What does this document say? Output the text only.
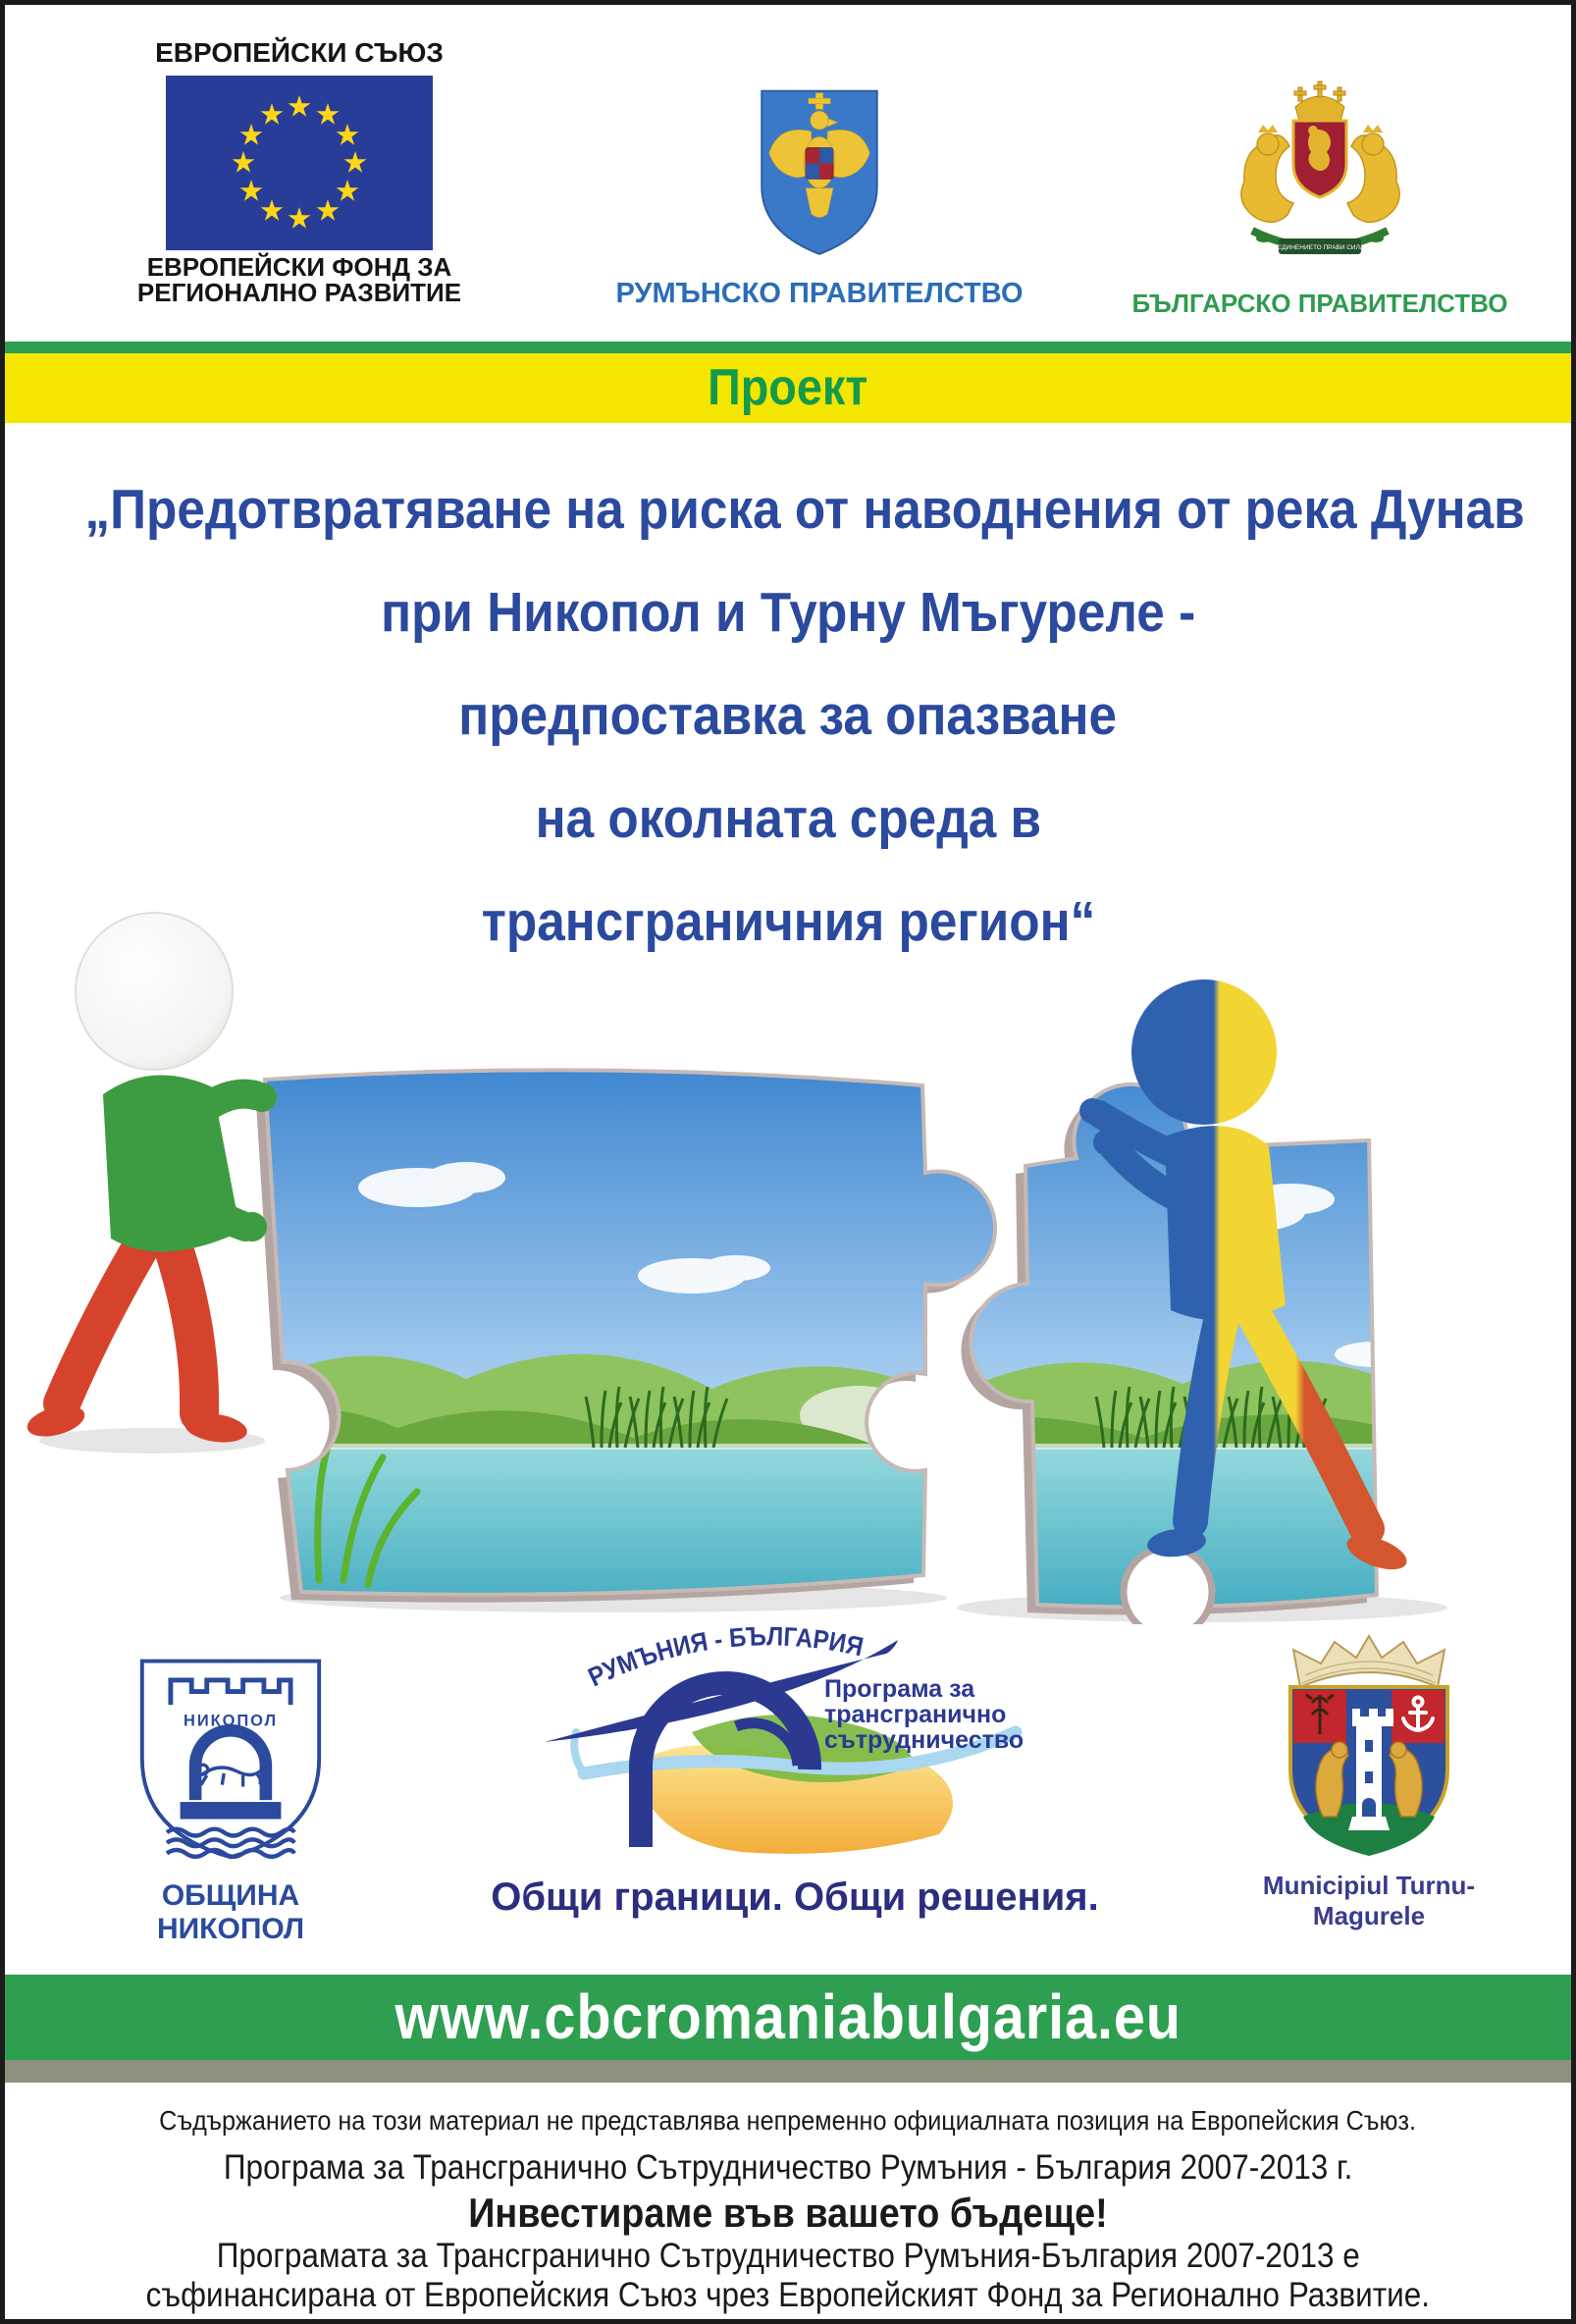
ЕВРОПЕЙСКИ СЪЮЗ
ЕВРОПЕЙСКИ ФОНД ЗА
РЕГИОНАЛНО РАЗВИТИЕ	РУМЪНСКО ПРАВИТЕЛСТВО
СЪЕДИНЕНИЕТО ПРАВИ СИЛАТА
БЪЛГАРСКО ПРАВИТЕЛСТВО
Проект
„Предотвратяване на риска от наводнения от река Дунав
при Никопол и Турну Мъгуреле -
предпоставка за опазване
на околната среда в
трансграничния регион“
НИКОПОЛ
ОБЩИНА НИКОПОЛ
РУМЪНИЯ - БЪЛГАРИЯ
Програма за
трансгранично
сътрудничество
Общи граници. Общи решения.	Municipiul Turnu-Magurele
www.cbcromaniabulgaria.eu
Съдържанието на този материал не представлява непременно официалната позиция на Европейския Съюз.
Програма за Трансгранично Сътрудничество Румъния - България 2007-2013 г.
Инвестираме във вашето бъдеще!
Програмата за Трансгранично Сътрудничество Румъния-България 2007-2013 е
съфинансирана от Европейския Съюз чрез Европейският Фонд за Регионално Развитие.
